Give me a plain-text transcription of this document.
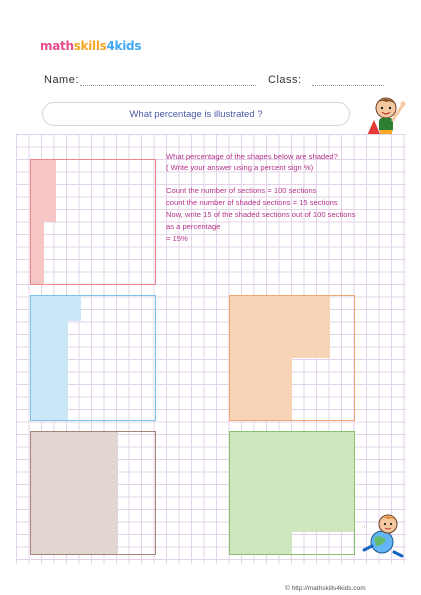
mathskills4kids
Name:	Class:
What percentage is illustrated ?
What percentage of the shapes below are shaded?
( Write your answer using a percent sign %)
Count the number of sections = 100 sections
count the number of shaded sections = 15 sections
Now, write 15 of the shaded sections out of 100 sections
as a percentage
= 15%
·:
© http://mathskills4kids.com
